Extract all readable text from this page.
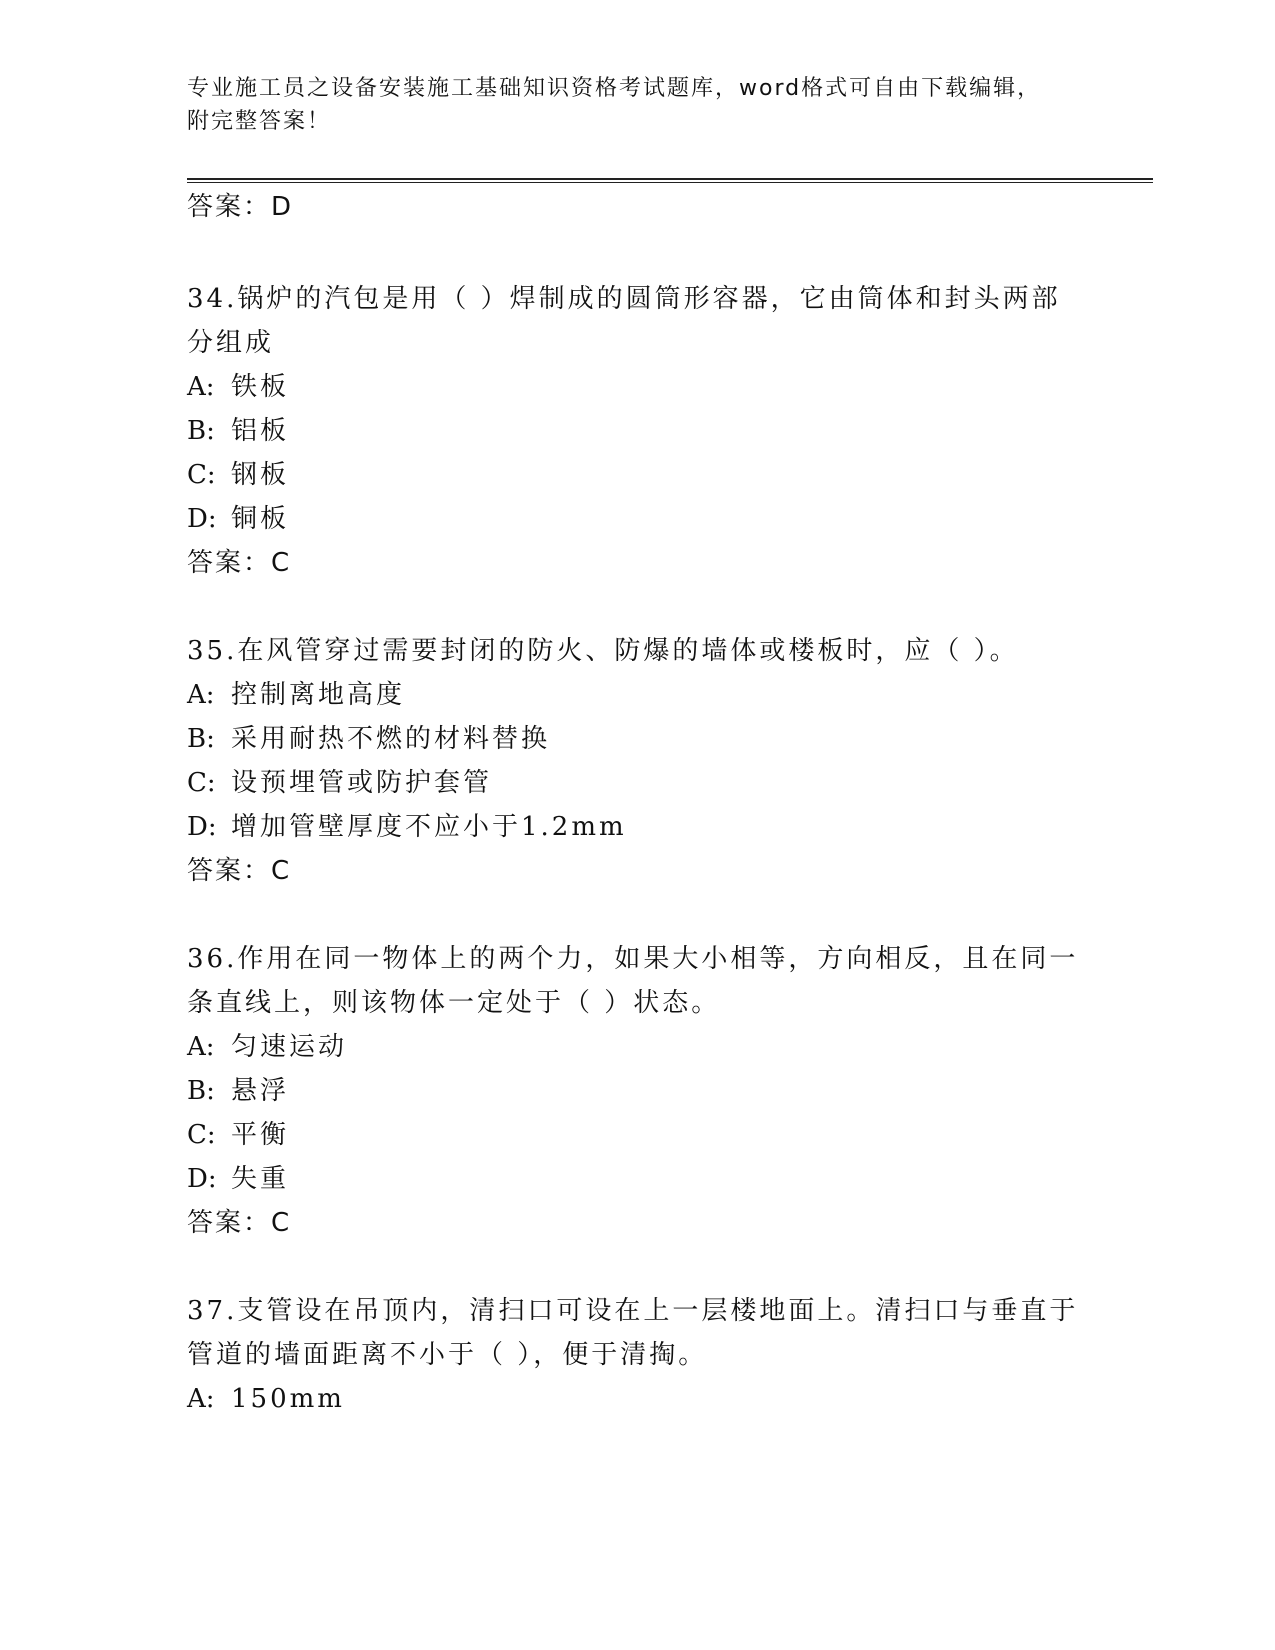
专业施工员之设备安装施工基础知识资格考试题库，word格式可自由下载编辑，
附完整答案！
答案：D
34.锅炉的汽包是用（ ）焊制成的圆筒形容器，它由筒体和封头两部
分组成
A: 铁板
B: 铝板
C: 钢板
D: 铜板
答案：C
35.在风管穿过需要封闭的防火、防爆的墙体或楼板时，应（ ）。
A: 控制离地高度
B: 采用耐热不燃的材料替换
C: 设预埋管或防护套管
D: 增加管壁厚度不应小于1.2mm
答案：C
36.作用在同一物体上的两个力，如果大小相等，方向相反，且在同一
条直线上，则该物体一定处于（ ）状态。
A: 匀速运动
B: 悬浮
C: 平衡
D: 失重
答案：C
37.支管设在吊顶内，清扫口可设在上一层楼地面上。清扫口与垂直于
管道的墙面距离不小于（ ），便于清掏。
A: 150mm
